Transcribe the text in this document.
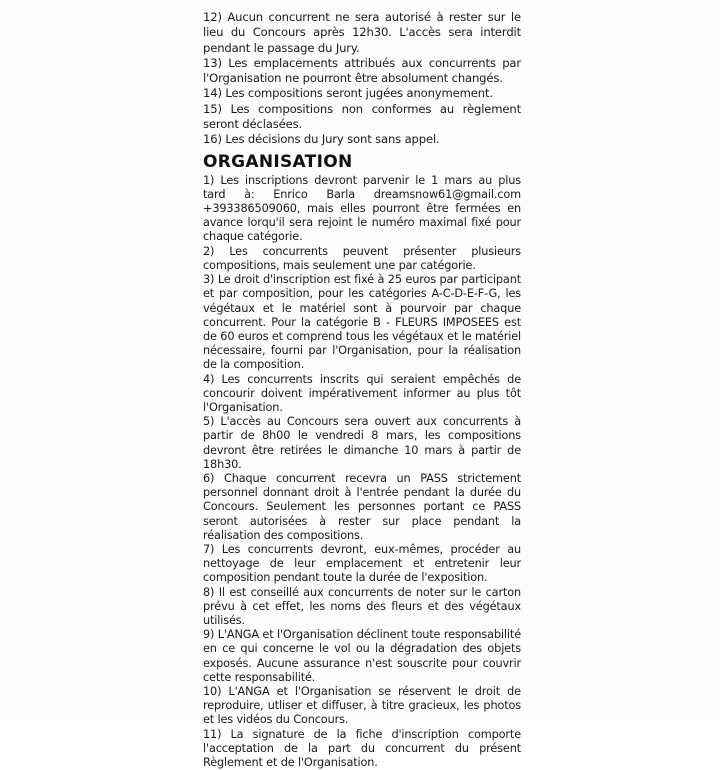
12) Aucun concurrent ne sera autorisé à rester sur le lieu du Concours après 12h30. L'accès sera interdit pendant le passage du Jury.

13) Les emplacements attribués aux concurrents par l'Organisation ne pourront être absolument changés.

14) Les compositions seront jugées anonymement.

15) Les compositions non conformes au règlement seront déclasées.

16) Les décisions du Jury sont sans appel.

ORGANISATION

1) Les inscriptions devront parvenir le 1 mars au plus tard à: Enrico Barla dreamsnow61@gmail.com +393386509060, mais elles pourront être fermées en avance lorqu'il sera rejoint le numéro maximal fixé pour chaque catégorie.

2) Les concurrents peuvent présenter plusieurs compositions, mais seulement une par catégorie.

3) Le droit d'inscription est fixé à 25 euros par participant et par composition, pour les catégories A-C-D-E-F-G, les végétaux et le matériel sont à pourvoir par chaque concurrent. Pour la catégorie B - FLEURS IMPOSEES est de 60 euros et comprend tous les végétaux et le matériel nécessaire, fourni par l'Organisation, pour la réalisation de la composition.

4) Les concurrents inscrits qui seraient empêchés de concourir doivent impérativement informer au plus tôt l'Organisation.

5) L'accès au Concours sera ouvert aux concurrents à partir de 8h00 le vendredi 8 mars, les compositions devront être retirées le dimanche 10 mars à partir de 18h30.

6) Chaque concurrent recevra un PASS strictement personnel donnant droit à l'entrée pendant la durée du Concours. Seulement les personnes portant ce PASS seront autorisées à rester sur place pendant la réalisation des compositions.

7) Les concurrents devront, eux-mêmes, procéder au nettoyage de leur emplacement et entretenir leur composition pendant toute la durée de l'exposition.

8) Il est conseillé aux concurrents de noter sur le carton prévu à cet effet, les noms des fleurs et des végétaux utilisés.

9) L'ANGA et l'Organisation déclinent toute responsabilité en ce qui concerne le vol ou la dégradation des objets exposés. Aucune assurance n'est souscrite pour couvrir cette responsabilité.

10) L'ANGA et l'Organisation se réservent le droit de reproduire, utliser et diffuser, à titre gracieux, les photos et les vidéos du Concours.

11) La signature de la fiche d'inscription comporte l'acceptation de la part du concurrent du présent Règlement et de l'Organisation.
